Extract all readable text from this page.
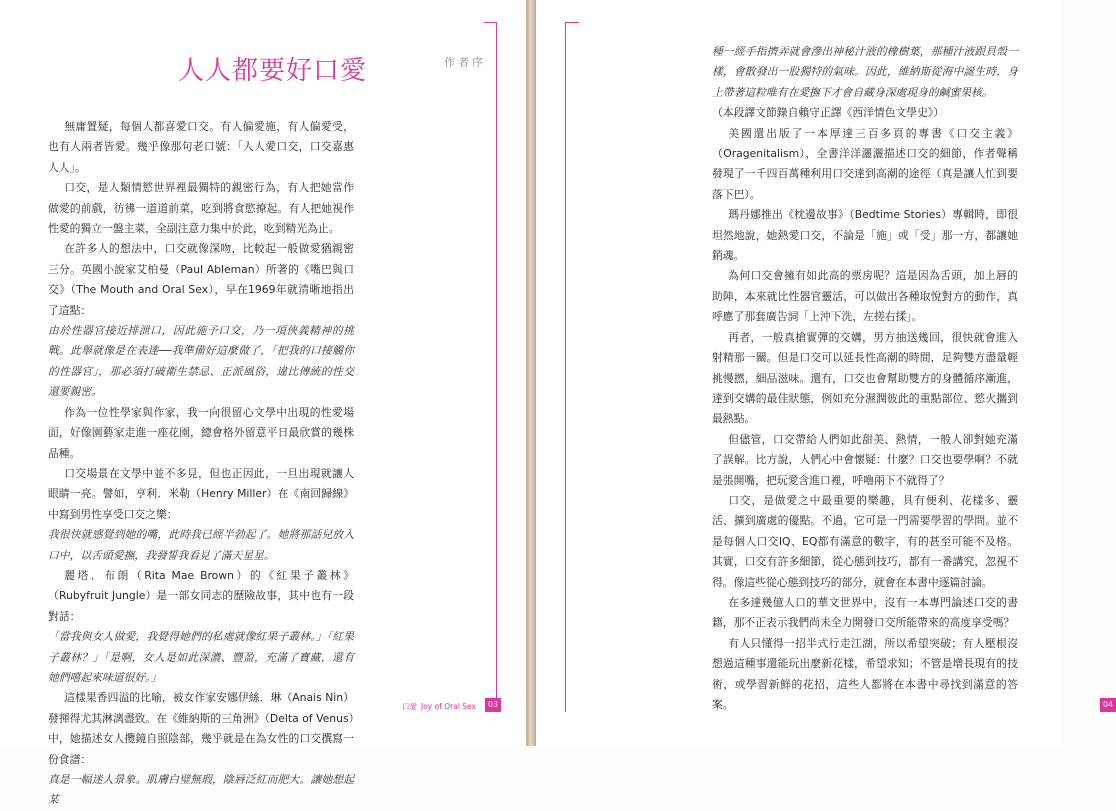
人人都要好口愛	作者序

無庸置疑，每個人都喜愛口交。有人偏愛施，有人偏愛受，也有人兩者皆愛。幾乎像那句老口號：「人人愛口交，口交嘉惠人人」。

口交，是人類情慾世界裡最獨特的親密行為，有人把她當作做愛的前戲，彷彿一道道前菜，吃到將食慾撩起。有人把她視作性愛的獨立一盤主菜，全副注意力集中於此，吃到精光為止。

在許多人的想法中，口交就像深吻，比較起一般做愛猶親密三分。英國小說家艾柏曼（Paul Ableman）所著的《嘴巴與口交》（The Mouth and Oral Sex），早在1969年就清晰地指出了這點：

由於性器官接近排泄口，因此施予口交，乃一項俠義精神的挑戰。此舉就像是在表達──我準備好這麼做了，「把我的口接觸你的性器官」，那必須打破衛生禁忌、正派風俗，違比傳統的性交還要親密。

作為一位性學家與作家，我一向很留心文學中出現的性愛場面，好像園藝家走進一座花園，總會格外留意平日最欣賞的幾株品種。

口交場景在文學中並不多見，但也正因此，一旦出現就讓人眼睛一亮。譬如，亨利．米勒（Henry Miller）在《南回歸線》中寫到男性享受口交之樂：

我很快就感覺到她的嘴，此時我已經半勃起了。她將那話兒放入口中，以舌頭愛撫，我發誓我看見了滿天星星。

麗塔．布朗（Rita Mae Brown）的《紅果子叢林》（Rubyfruit Jungle）是一部女同志的歷險故事，其中也有一段對話：

「當我與女人做愛，我覺得她們的私處就像紅果子叢林。」「紅果子叢林？」「是啊，女人是如此深濃、豐盈，充滿了寶藏，還有她們嚐起來味道很好。」

這樣果香四溢的比喻，被女作家安娜伊絲．琳（Anais Nin）發揮得尤其淋漓盡致。在《維納斯的三角洲》（Delta of Venus）中，她描述女人攬鏡自照陰部，幾乎就是在為女性的口交撰寫一份食譜：

真是一幅迷人景象。肌膚白璧無瑕，陰唇泛紅而肥大。讓她想起某

口愛 Joy of Oral Sex	03	04

種一經手指擠弄就會滲出神秘汁液的橡樹葉，那種汁液跟貝殼一樣，會散發出一股獨特的氣味。因此，維納斯從海中誕生時，身上帶著這粒唯有在愛撫下才會自藏身深處現身的鹹蜜果核。

（本段譯文節錄自賴守正譯《西洋情色文學史》）

美國還出版了一本厚達三百多頁的專書《口交主義》（Oragenitalism），全書洋洋灑灑描述口交的細節，作者聲稱發現了一千四百萬種利用口交達到高潮的途徑（真是讓人忙到要落下巴）。

瑪丹娜推出《枕邊故事》（Bedtime Stories）專輯時，即很坦然地說，她熱愛口交，不論是「施」或「受」那一方，都讓她銷魂。

為何口交會擁有如此高的票房呢？這是因為舌頭，加上唇的助陣，本來就比性器官靈活，可以做出各種取悅對方的動作，真呼應了那套廣告詞「上沖下洗，左搓右揉」。

再者，一般真槍實彈的交媾，男方抽送幾回，很快就會進入射精那一關。但是口交可以延長性高潮的時間，足夠雙方盡量輕挑慢撚，細品滋味。還有，口交也會幫助雙方的身體循序漸進，達到交媾的最佳狀態，例如充分濕潤彼此的重點部位、慾火攜到最熱點。

但儘管，口交帶給人們如此甜美、熱情，一般人卻對她充滿了誤解。比方說，人們心中會懷疑：什麼？口交也要學啊？不就是張開嘴，把玩愛含進口裡，呼嚕兩下不就得了？

口交，是做愛之中最重要的樂趣，具有便利、花樣多、靈活、擴到廣處的優點。不過，它可是一門需要學習的學問。並不是每個人口交IQ、EQ都有滿意的數字，有的甚至可能不及格。其實，口交有許多細節，從心態到技巧，都有一番講究，忽視不得。像這些從心態到技巧的部分，就會在本書中逐篇討論。

在多達幾億人口的華文世界中，沒有一本專門論述口交的書籍，那不正表示我們尚未全力開發口交所能帶來的高度享受嗎？

有人只懂得一招半式行走江湖，所以希望突破；有人壓根沒想過這種事還能玩出麼新花樣，希望求知；不管是增長現有的技術，或學習新鮮的花招，這些人都將在本書中尋找到滿意的答案。
